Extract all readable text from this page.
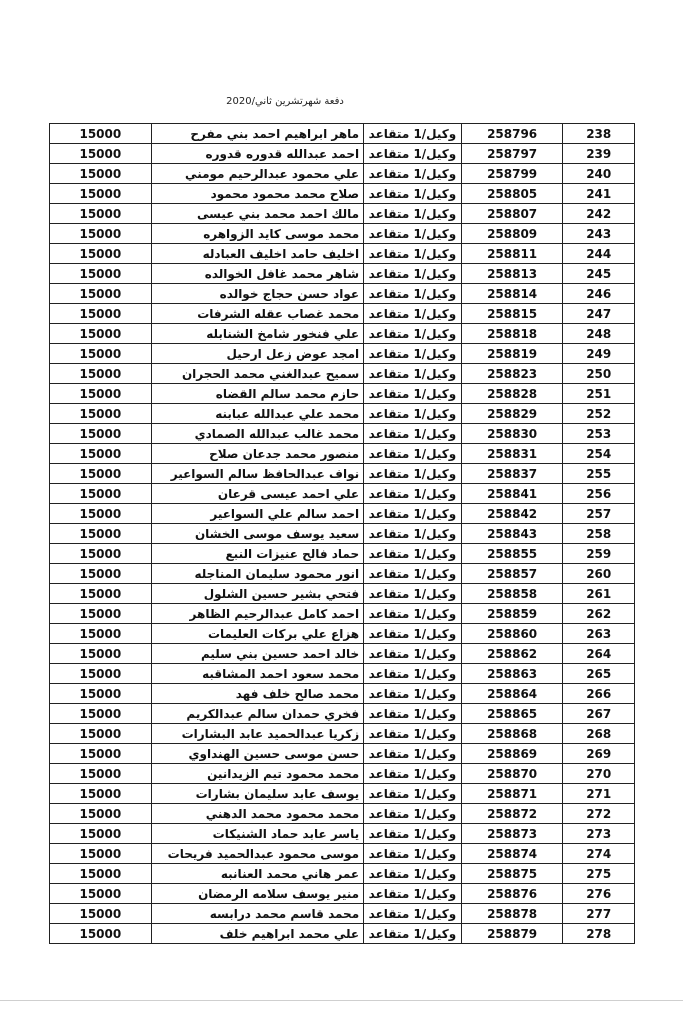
دفعة شهرتشرين ثاني/2020
15000	ماهر ابراهيم احمد بني مفرح	وكيل/1 متقاعد	258796	238
15000	احمد عبدالله قدوره قدوره	وكيل/1 متقاعد	258797	239
15000	علي محمود عبدالرحيم مومني	وكيل/1 متقاعد	258799	240
15000	صلاح محمد محمود محمود	وكيل/1 متقاعد	258805	241
15000	مالك احمد محمد بني عيسى	وكيل/1 متقاعد	258807	242
15000	محمد موسى كايد الزواهره	وكيل/1 متقاعد	258809	243
15000	اخليف حامد اخليف العبادله	وكيل/1 متقاعد	258811	244
15000	شاهر محمد غافل الخوالده	وكيل/1 متقاعد	258813	245
15000	عواد حسن حجاج خوالده	وكيل/1 متقاعد	258814	246
15000	محمد غصاب عقله الشرفات	وكيل/1 متقاعد	258815	247
15000	علي فنخور شامخ الشنابله	وكيل/1 متقاعد	258818	248
15000	امجد عوض زعل ارحيل	وكيل/1 متقاعد	258819	249
15000	سميح عبدالغني محمد الحجران	وكيل/1 متقاعد	258823	250
15000	حازم محمد سالم القضاه	وكيل/1 متقاعد	258828	251
15000	محمد علي عبدالله عبابنه	وكيل/1 متقاعد	258829	252
15000	محمد غالب عبدالله الصمادي	وكيل/1 متقاعد	258830	253
15000	منصور محمد جدعان صلاح	وكيل/1 متقاعد	258831	254
15000	نواف عبدالحافظ سالم السواعير	وكيل/1 متقاعد	258837	255
15000	علي احمد عيسى قرعان	وكيل/1 متقاعد	258841	256
15000	احمد سالم علي السواعير	وكيل/1 متقاعد	258842	257
15000	سعيد يوسف موسى الخشان	وكيل/1 متقاعد	258843	258
15000	حماد فالح عنيزات النبع	وكيل/1 متقاعد	258855	259
15000	انور محمود سليمان المناجله	وكيل/1 متقاعد	258857	260
15000	فتحي بشير حسين الشلول	وكيل/1 متقاعد	258858	261
15000	احمد كامل عبدالرحيم الظاهر	وكيل/1 متقاعد	258859	262
15000	هزاع علي بركات العليمات	وكيل/1 متقاعد	258860	263
15000	خالد احمد حسين بني سليم	وكيل/1 متقاعد	258862	264
15000	محمد سعود احمد المشاقبه	وكيل/1 متقاعد	258863	265
15000	محمد صالح خلف فهد	وكيل/1 متقاعد	258864	266
15000	فخري حمدان سالم عبدالكريم	وكيل/1 متقاعد	258865	267
15000	زكريا عبدالحميد عابد البشارات	وكيل/1 متقاعد	258868	268
15000	حسن موسى حسين الهنداوي	وكيل/1 متقاعد	258869	269
15000	محمد محمود تيم الزيدانين	وكيل/1 متقاعد	258870	270
15000	يوسف عابد سليمان بشارات	وكيل/1 متقاعد	258871	271
15000	محمد محمود محمد الدهني	وكيل/1 متقاعد	258872	272
15000	ياسر عابد حماد الشنيكات	وكيل/1 متقاعد	258873	273
15000	موسى محمود عبدالحميد فريحات	وكيل/1 متقاعد	258874	274
15000	عمر هاني محمد العنانبه	وكيل/1 متقاعد	258875	275
15000	منير يوسف سلامه الرمضان	وكيل/1 متقاعد	258876	276
15000	محمد قاسم محمد درابسه	وكيل/1 متقاعد	258878	277
15000	علي محمد ابراهيم خلف	وكيل/1 متقاعد	258879	278
